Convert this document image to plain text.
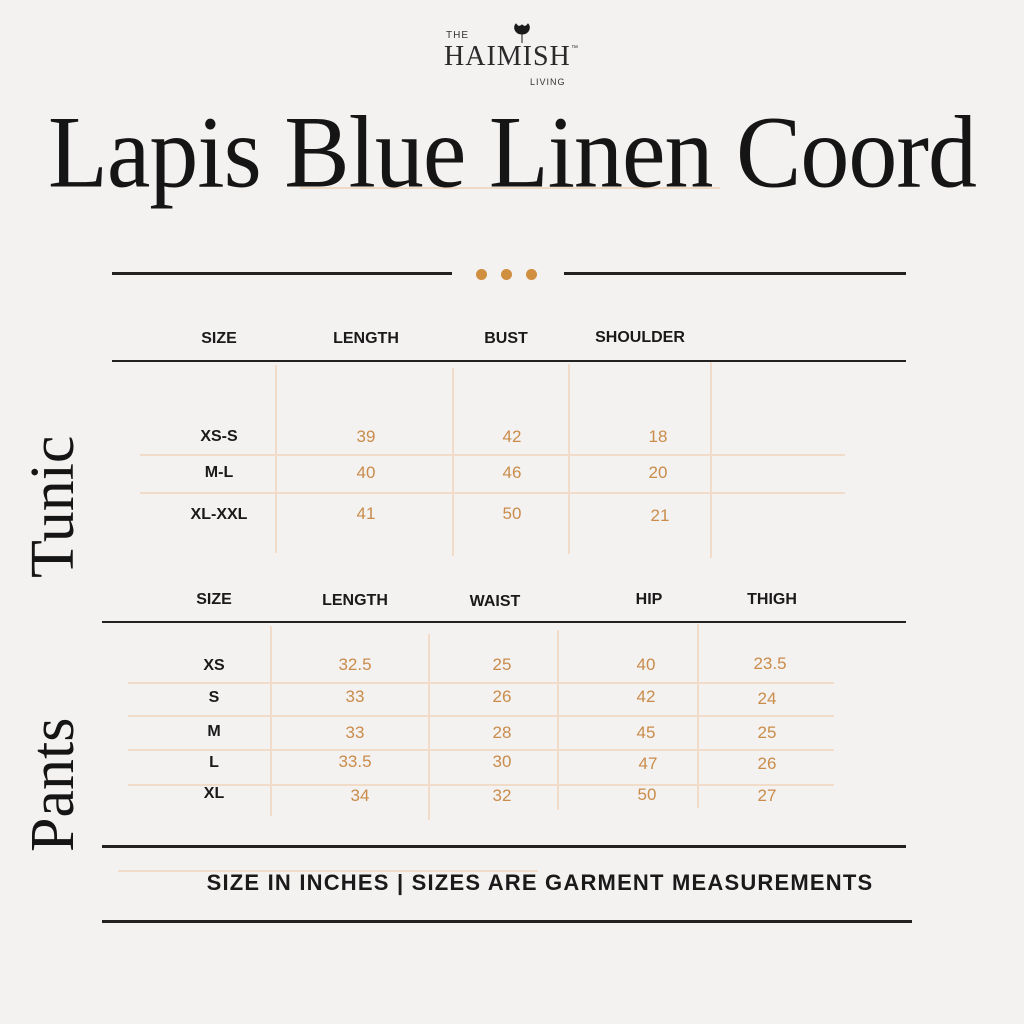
THE
HAIMISH ™
LIVING
Lapis Blue Linen Coord
Tunic
SIZE	LENGTH	BUST	SHOULDER
XS-S	39	42	18
M-L	40	46	20
XL-XXL	41	50	21
Pants
SIZE	LENGTH	WAIST	HIP	THIGH
XS	32.5	25	40	23.5
S	33	26	42	24
M	33	28	45	25
L	33.5	30	47	26
XL	34	32	50	27
SIZE IN INCHES | SIZES ARE GARMENT MEASUREMENTS
